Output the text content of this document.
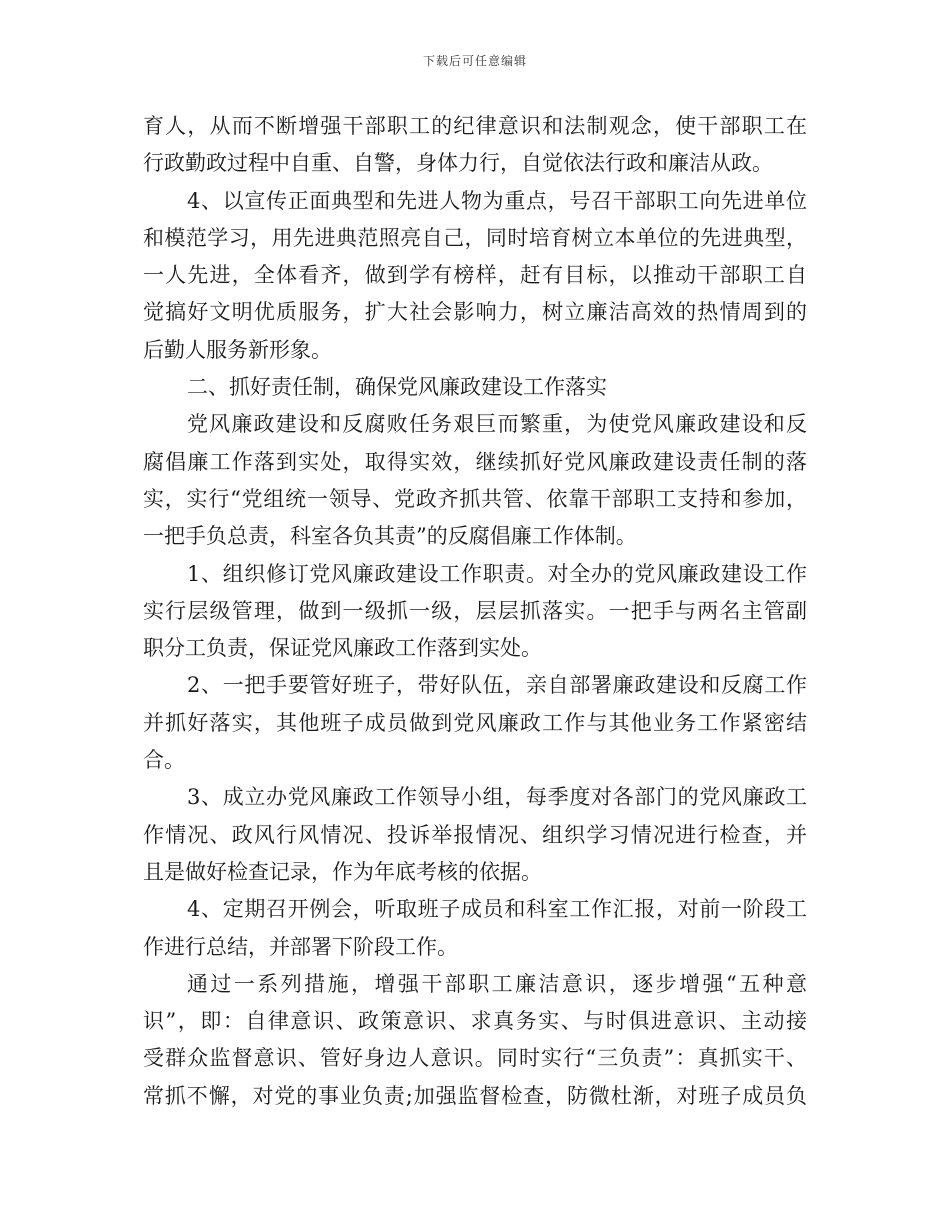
下载后可任意编辑
育人，从而不断增强干部职工的纪律意识和法制观念，使干部职工在
行政勤政过程中自重、自警，身体力行，自觉依法行政和廉洁从政。
4、以宣传正面典型和先进人物为重点，号召干部职工向先进单位
和模范学习，用先进典范照亮自己，同时培育树立本单位的先进典型，
一人先进，全体看齐，做到学有榜样，赶有目标，以推动干部职工自
觉搞好文明优质服务，扩大社会影响力，树立廉洁高效的热情周到的
后勤人服务新形象。
二、抓好责任制，确保党风廉政建设工作落实
党风廉政建设和反腐败任务艰巨而繁重，为使党风廉政建设和反
腐倡廉工作落到实处，取得实效，继续抓好党风廉政建设责任制的落
实，实行“党组统一领导、党政齐抓共管、依靠干部职工支持和参加，
一把手负总责，科室各负其责”的反腐倡廉工作体制。
1、组织修订党风廉政建设工作职责。对全办的党风廉政建设工作
实行层级管理，做到一级抓一级，层层抓落实。一把手与两名主管副
职分工负责，保证党风廉政工作落到实处。
2、一把手要管好班子，带好队伍，亲自部署廉政建设和反腐工作
并抓好落实，其他班子成员做到党风廉政工作与其他业务工作紧密结
合。
3、成立办党风廉政工作领导小组，每季度对各部门的党风廉政工
作情况、政风行风情况、投诉举报情况、组织学习情况进行检查，并
且是做好检查记录，作为年底考核的依据。
4、定期召开例会，听取班子成员和科室工作汇报，对前一阶段工
作进行总结，并部署下阶段工作。
通过一系列措施，增强干部职工廉洁意识，逐步增强“五种意
识”，即：自律意识、政策意识、求真务实、与时俱进意识、主动接
受群众监督意识、管好身边人意识。同时实行“三负责”：真抓实干、
常抓不懈，对党的事业负责;加强监督检查，防微杜渐，对班子成员负
